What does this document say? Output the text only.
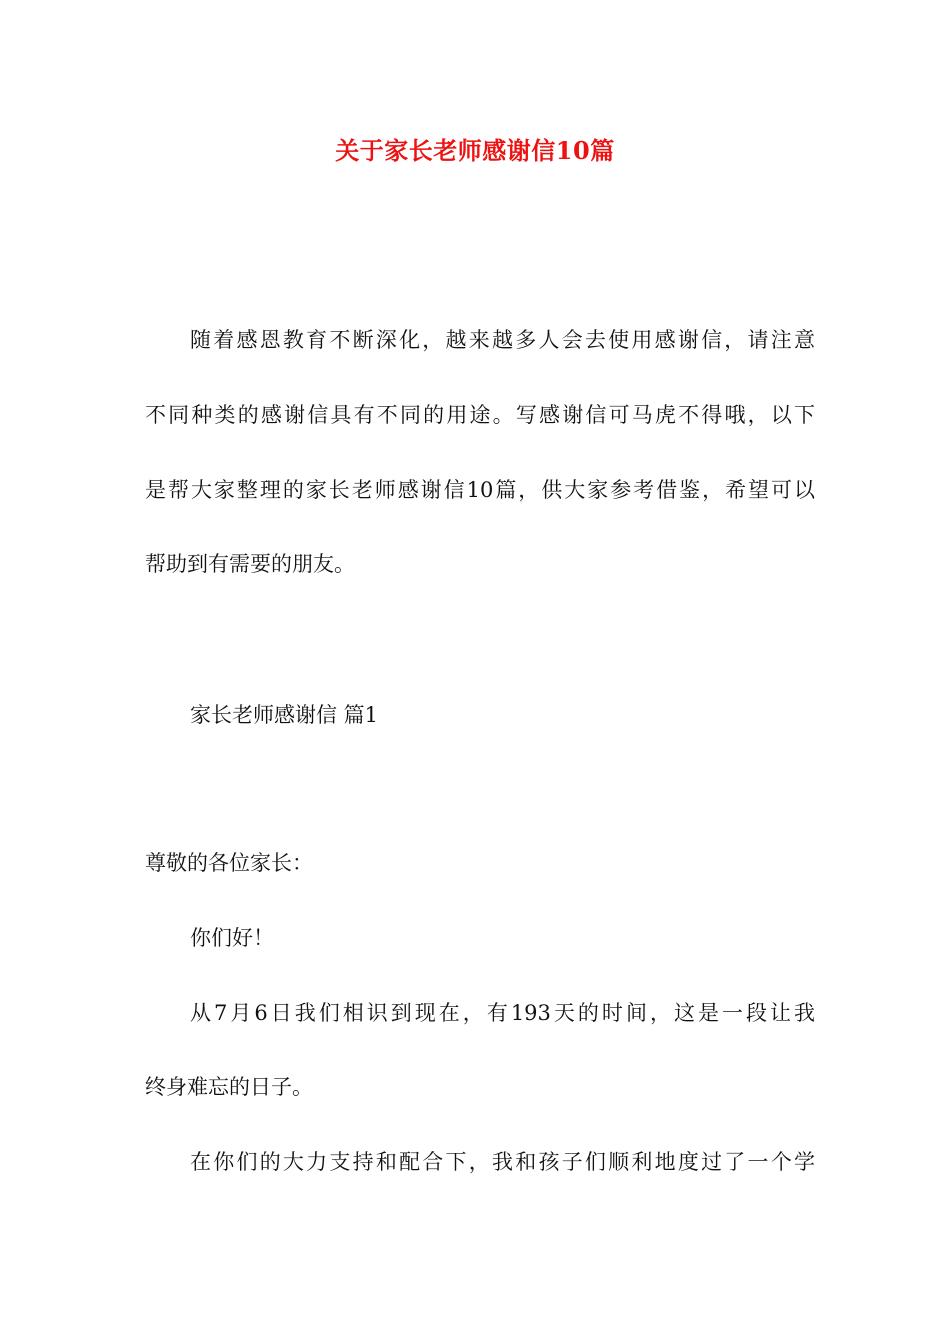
关于家长老师感谢信10篇
随着感恩教育不断深化，越来越多人会去使用感谢信，请注意
不同种类的感谢信具有不同的用途。写感谢信可马虎不得哦，以下
是帮大家整理的家长老师感谢信10篇，供大家参考借鉴，希望可以
帮助到有需要的朋友。
家长老师感谢信 篇1
尊敬的各位家长：
你们好！
从7月6日我们相识到现在，有193天的时间，这是一段让我
终身难忘的日子。
在你们的大力支持和配合下，我和孩子们顺利地度过了一个学
